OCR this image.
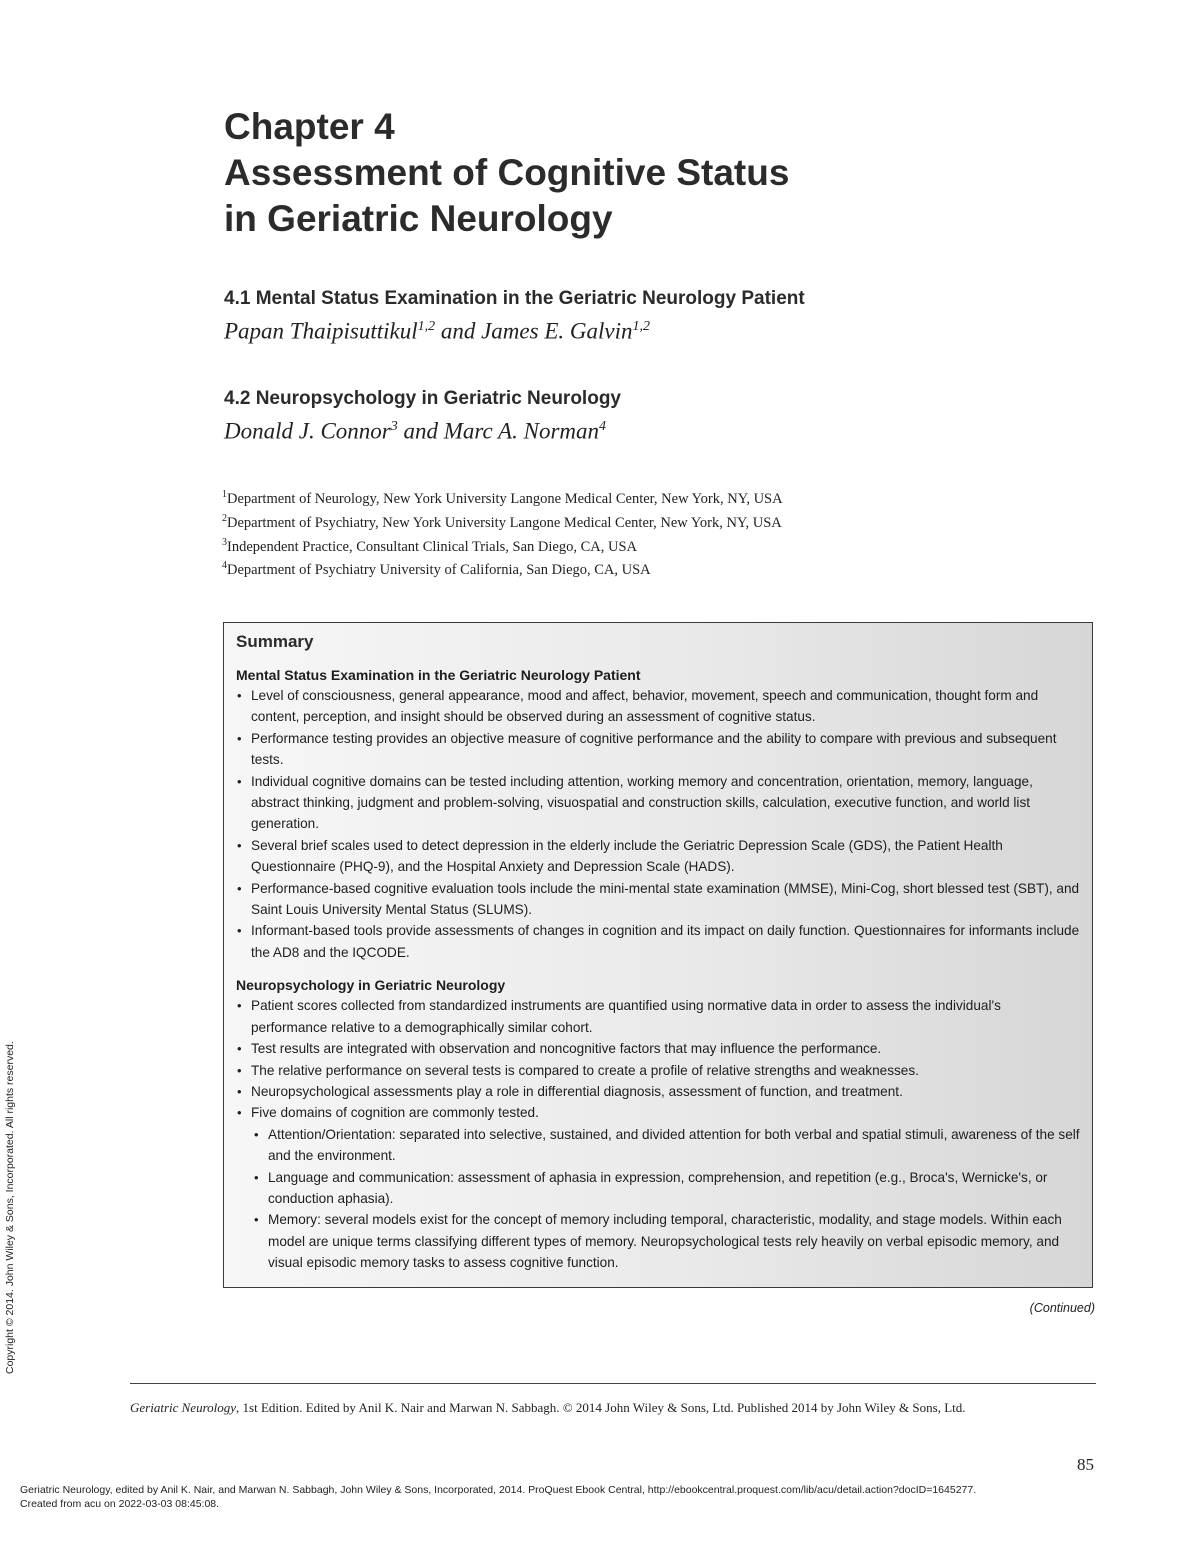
Chapter 4
Assessment of Cognitive Status
in Geriatric Neurology
4.1 Mental Status Examination in the Geriatric Neurology Patient
Papan Thaipisuttikul$^{1,2}$ and James E. Galvin$^{1,2}$
4.2 Neuropsychology in Geriatric Neurology
Donald J. Connor$^3$ and Marc A. Norman$^4$
$^1$Department of Neurology, New York University Langone Medical Center, New York, NY, USA
$^2$Department of Psychiatry, New York University Langone Medical Center, New York, NY, USA
$^3$Independent Practice, Consultant Clinical Trials, San Diego, CA, USA
$^4$Department of Psychiatry University of California, San Diego, CA, USA
Summary
Mental Status Examination in the Geriatric Neurology Patient
• Level of consciousness, general appearance, mood and affect, behavior, movement, speech and communication, thought form and content, perception, and insight should be observed during an assessment of cognitive status.
• Performance testing provides an objective measure of cognitive performance and the ability to compare with previous and subsequent tests.
• Individual cognitive domains can be tested including attention, working memory and concentration, orientation, memory, language, abstract thinking, judgment and problem-solving, visuospatial and construction skills, calculation, executive function, and world list generation.
• Several brief scales used to detect depression in the elderly include the Geriatric Depression Scale (GDS), the Patient Health Questionnaire (PHQ-9), and the Hospital Anxiety and Depression Scale (HADS).
• Performance-based cognitive evaluation tools include the mini-mental state examination (MMSE), Mini-Cog, short blessed test (SBT), and Saint Louis University Mental Status (SLUMS).
• Informant-based tools provide assessments of changes in cognition and its impact on daily function. Questionnaires for informants include the AD8 and the IQCODE.
Neuropsychology in Geriatric Neurology
• Patient scores collected from standardized instruments are quantified using normative data in order to assess the individual's performance relative to a demographically similar cohort.
• Test results are integrated with observation and noncognitive factors that may influence the performance.
• The relative performance on several tests is compared to create a profile of relative strengths and weaknesses.
• Neuropsychological assessments play a role in differential diagnosis, assessment of function, and treatment.
• Five domains of cognition are commonly tested.
• Attention/Orientation: separated into selective, sustained, and divided attention for both verbal and spatial stimuli, awareness of the self and the environment.
• Language and communication: assessment of aphasia in expression, comprehension, and repetition (e.g., Broca's, Wernicke's, or conduction aphasia).
• Memory: several models exist for the concept of memory including temporal, characteristic, modality, and stage models. Within each model are unique terms classifying different types of memory. Neuropsychological tests rely heavily on verbal episodic memory, and visual episodic memory tasks to assess cognitive function.
(Continued)
Geriatric Neurology, 1st Edition. Edited by Anil K. Nair and Marwan N. Sabbagh. © 2014 John Wiley & Sons, Ltd. Published 2014 by John Wiley & Sons, Ltd.
85
Geriatric Neurology, edited by Anil K. Nair, and Marwan N. Sabbagh, John Wiley & Sons, Incorporated, 2014. ProQuest Ebook Central, http://ebookcentral.proquest.com/lib/acu/detail.action?docID=1645277.
Created from acu on 2022-03-03 08:45:08.
Copyright © 2014. John Wiley & Sons, Incorporated. All rights reserved.
